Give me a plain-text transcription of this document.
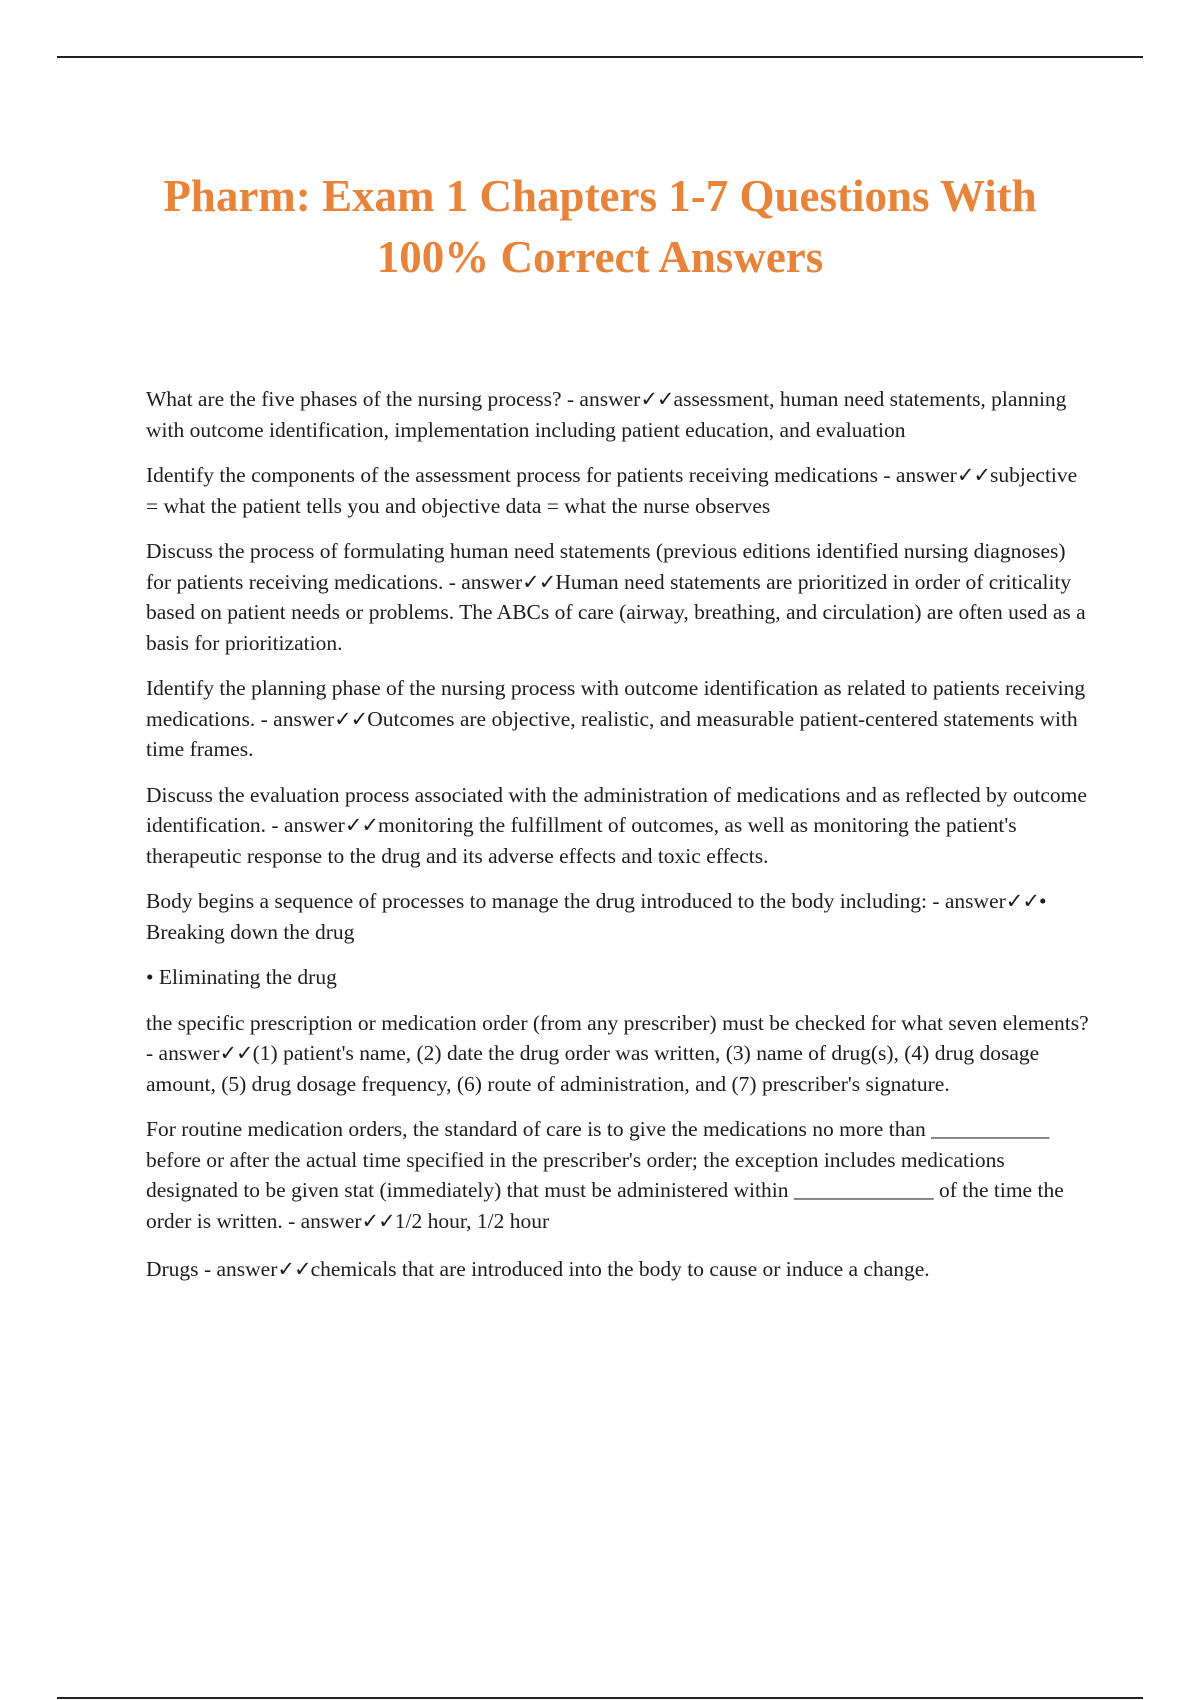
Pharm: Exam 1 Chapters 1-7 Questions With
100% Correct Answers

What are the five phases of the nursing process? - answer✓✓assessment, human need statements, planning with outcome identification, implementation including patient education, and evaluation

Identify the components of the assessment process for patients receiving medications - answer✓✓subjective = what the patient tells you and objective data = what the nurse observes

Discuss the process of formulating human need statements (previous editions identified nursing diagnoses) for patients receiving medications. - answer✓✓Human need statements are prioritized in order of criticality based on patient needs or problems. The ABCs of care (airway, breathing, and circulation) are often used as a basis for prioritization.

Identify the planning phase of the nursing process with outcome identification as related to patients receiving medications. - answer✓✓Outcomes are objective, realistic, and measurable patient-centered statements with time frames.

Discuss the evaluation process associated with the administration of medications and as reflected by outcome identification. - answer✓✓monitoring the fulfillment of outcomes, as well as monitoring the patient's therapeutic response to the drug and its adverse effects and toxic effects.

Body begins a sequence of processes to manage the drug introduced to the body including: - answer✓✓• Breaking down the drug

• Eliminating the drug

the specific prescription or medication order (from any prescriber) must be checked for what seven elements? - answer✓✓(1) patient's name, (2) date the drug order was written, (3) name of drug(s), (4) drug dosage amount, (5) drug dosage frequency, (6) route of administration, and (7) prescriber's signature.

For routine medication orders, the standard of care is to give the medications no more than ___________ before or after the actual time specified in the prescriber's order; the exception includes medications designated to be given stat (immediately) that must be administered within _____________ of the time the order is written. - answer✓✓1/2 hour, 1/2 hour

Drugs - answer✓✓chemicals that are introduced into the body to cause or induce a change.
